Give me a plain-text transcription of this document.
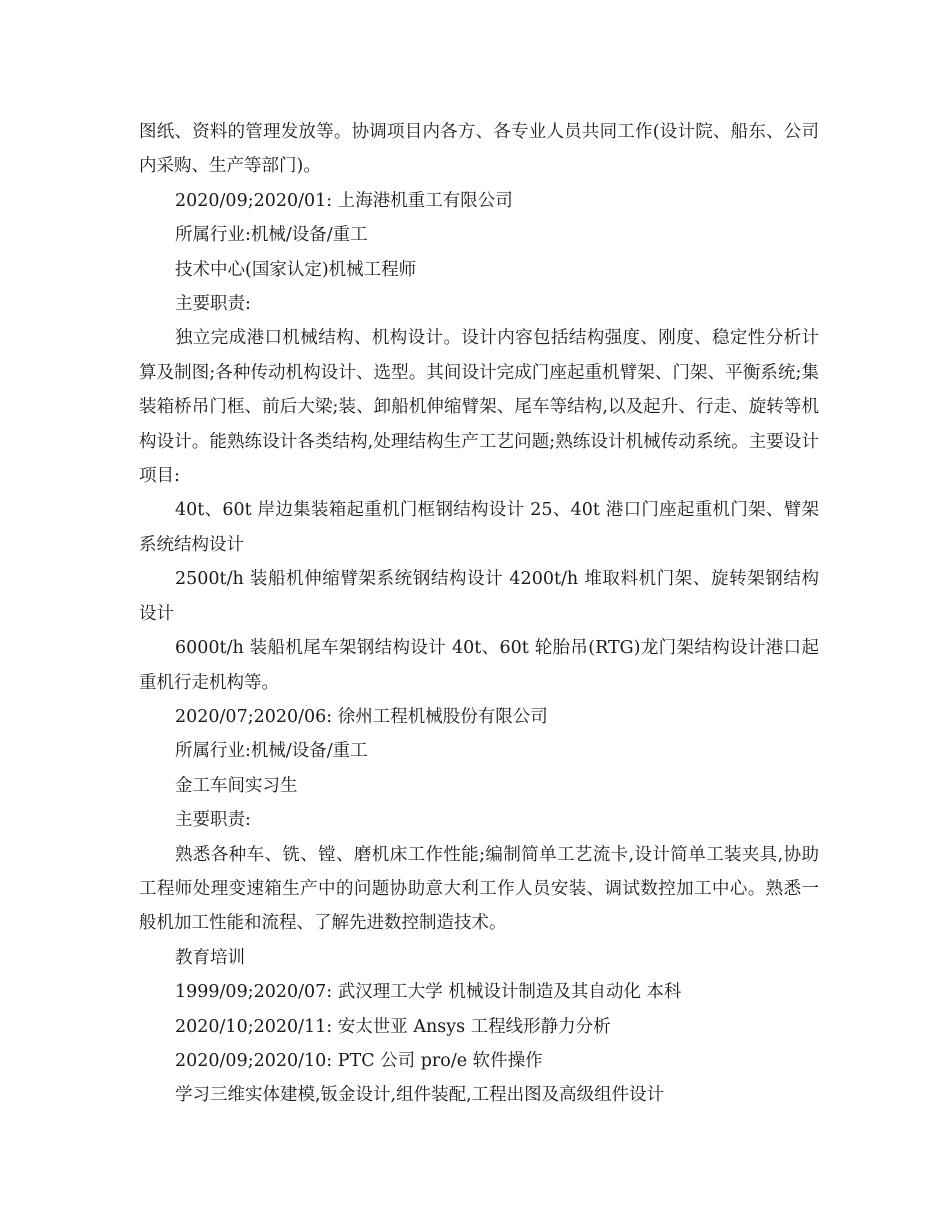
图纸、资料的管理发放等。协调项目内各方、各专业人员共同工作(设计院、船东、公司内采购、生产等部门)。

2020/09;2020/01: 上海港机重工有限公司

所属行业:机械/设备/重工

技术中心(国家认定)机械工程师

主要职责:

独立完成港口机械结构、机构设计。设计内容包括结构强度、刚度、稳定性分析计算及制图;各种传动机构设计、选型。其间设计完成门座起重机臂架、门架、平衡系统;集装箱桥吊门框、前后大梁;装、卸船机伸缩臂架、尾车等结构,以及起升、行走、旋转等机构设计。能熟练设计各类结构,处理结构生产工艺问题;熟练设计机械传动系统。主要设计项目:

40t、60t 岸边集装箱起重机门框钢结构设计 25、40t 港口门座起重机门架、臂架系统结构设计

2500t/h 装船机伸缩臂架系统钢结构设计 4200t/h 堆取料机门架、旋转架钢结构设计

6000t/h 装船机尾车架钢结构设计 40t、60t 轮胎吊(RTG)龙门架结构设计港口起重机行走机构等。

2020/07;2020/06: 徐州工程机械股份有限公司

所属行业:机械/设备/重工

金工车间实习生

主要职责:

熟悉各种车、铣、镗、磨机床工作性能;编制简单工艺流卡,设计简单工装夹具,协助工程师处理变速箱生产中的问题协助意大利工作人员安装、调试数控加工中心。熟悉一般机加工性能和流程、了解先进数控制造技术。

教育培训

1999/09;2020/07: 武汉理工大学 机械设计制造及其自动化 本科

2020/10;2020/11: 安太世亚 Ansys 工程线形静力分析

2020/09;2020/10: PTC 公司 pro/e 软件操作

学习三维实体建模,钣金设计,组件装配,工程出图及高级组件设计
